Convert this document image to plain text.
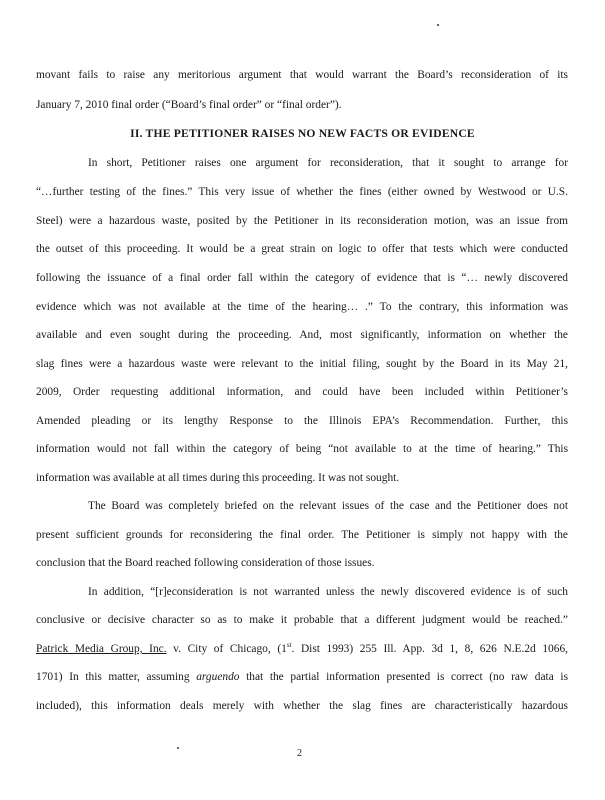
movant fails to raise any meritorious argument that would warrant the Board’s reconsideration of its
January 7, 2010 final order (“Board’s final order” or “final order”).
II. THE PETITIONER RAISES NO NEW FACTS OR EVIDENCE
In short, Petitioner raises one argument for reconsideration, that it sought to arrange for
“…further testing of the fines.” This very issue of whether the fines (either owned by Westwood or U.S.
Steel) were a hazardous waste, posited by the Petitioner in its reconsideration motion, was an issue from
the outset of this proceeding. It would be a great strain on logic to offer that tests which were conducted
following the issuance of a final order fall within the category of evidence that is “… newly discovered
evidence which was not available at the time of the hearing… .” To the contrary, this information was
available and even sought during the proceeding. And, most significantly, information on whether the
slag fines were a hazardous waste were relevant to the initial filing, sought by the Board in its May 21,
2009, Order requesting additional information, and could have been included within Petitioner’s
Amended pleading or its lengthy Response to the Illinois EPA’s Recommendation. Further, this
information would not fall within the category of being “not available to at the time of hearing.” This
information was available at all times during this proceeding. It was not sought.
The Board was completely briefed on the relevant issues of the case and the Petitioner does not
present sufficient grounds for reconsidering the final order. The Petitioner is simply not happy with the
conclusion that the Board reached following consideration of those issues.
In addition, “[r]econsideration is not warranted unless the newly discovered evidence is of such
conclusive or decisive character so as to make it probable that a different judgment would be reached.”
Patrick Media Group, Inc. v. City of Chicago, (1st. Dist 1993) 255 Ill. App. 3d 1, 8, 626 N.E.2d 1066,
1701) In this matter, assuming arguendo that the partial information presented is correct (no raw data is
included), this information deals merely with whether the slag fines are characteristically hazardous
2
